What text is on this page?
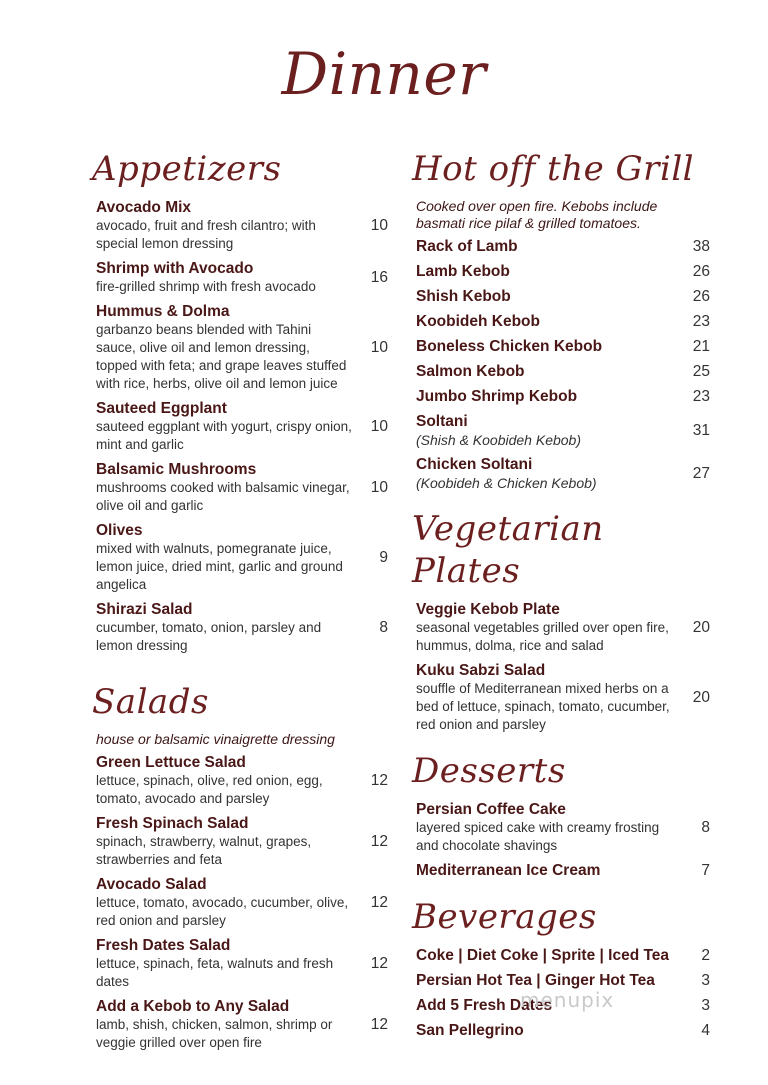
Dinner
Appetizers
Avocado Mix
avocado, fruit and fresh cilantro; with special lemon dressing
10
Shrimp with Avocado
fire-grilled shrimp with fresh avocado
16
Hummus & Dolma
garbanzo beans blended with Tahini sauce, olive oil and lemon dressing, topped with feta; and grape leaves stuffed with rice, herbs, olive oil and lemon juice
10
Sauteed Eggplant
sauteed eggplant with yogurt, crispy onion, mint and garlic
10
Balsamic Mushrooms
mushrooms cooked with balsamic vinegar, olive oil and garlic
10
Olives
mixed with walnuts, pomegranate juice, lemon juice, dried mint, garlic and ground angelica
9
Shirazi Salad
cucumber, tomato, onion, parsley and lemon dressing
8
Salads
house or balsamic vinaigrette dressing
Green Lettuce Salad
lettuce, spinach, olive, red onion, egg, tomato, avocado and parsley
12
Fresh Spinach Salad
spinach, strawberry, walnut, grapes, strawberries and feta
12
Avocado Salad
lettuce, tomato, avocado, cucumber, olive, red onion and parsley
12
Fresh Dates Salad
lettuce, spinach, feta, walnuts and fresh dates
12
Add a Kebob to Any Salad
lamb, shish, chicken, salmon, shrimp or veggie grilled over open fire
12
Hot off the Grill
Cooked over open fire. Kebobs include basmati rice pilaf & grilled tomatoes.
Rack of Lamb	38
Lamb Kebob	26
Shish Kebob	26
Koobideh Kebob	23
Boneless Chicken Kebob	21
Salmon Kebob	25
Jumbo Shrimp Kebob	23
Soltani
(Shish & Koobideh Kebob)
31
Chicken Soltani
(Koobideh & Chicken Kebob)
27
Vegetarian Plates
Veggie Kebob Plate
seasonal vegetables grilled over open fire, hummus, dolma, rice and salad
20
Kuku Sabzi Salad
souffle of Mediterranean mixed herbs on a bed of lettuce, spinach, tomato, cucumber, red onion and parsley
20
Desserts
Persian Coffee Cake
layered spiced cake with creamy frosting and chocolate shavings
8
Mediterranean Ice Cream	7
Beverages
Coke | Diet Coke | Sprite | Iced Tea	2
Persian Hot Tea | Ginger Hot Tea	3
Add 5 Fresh Dates	3
San Pellegrino	4
menupix
